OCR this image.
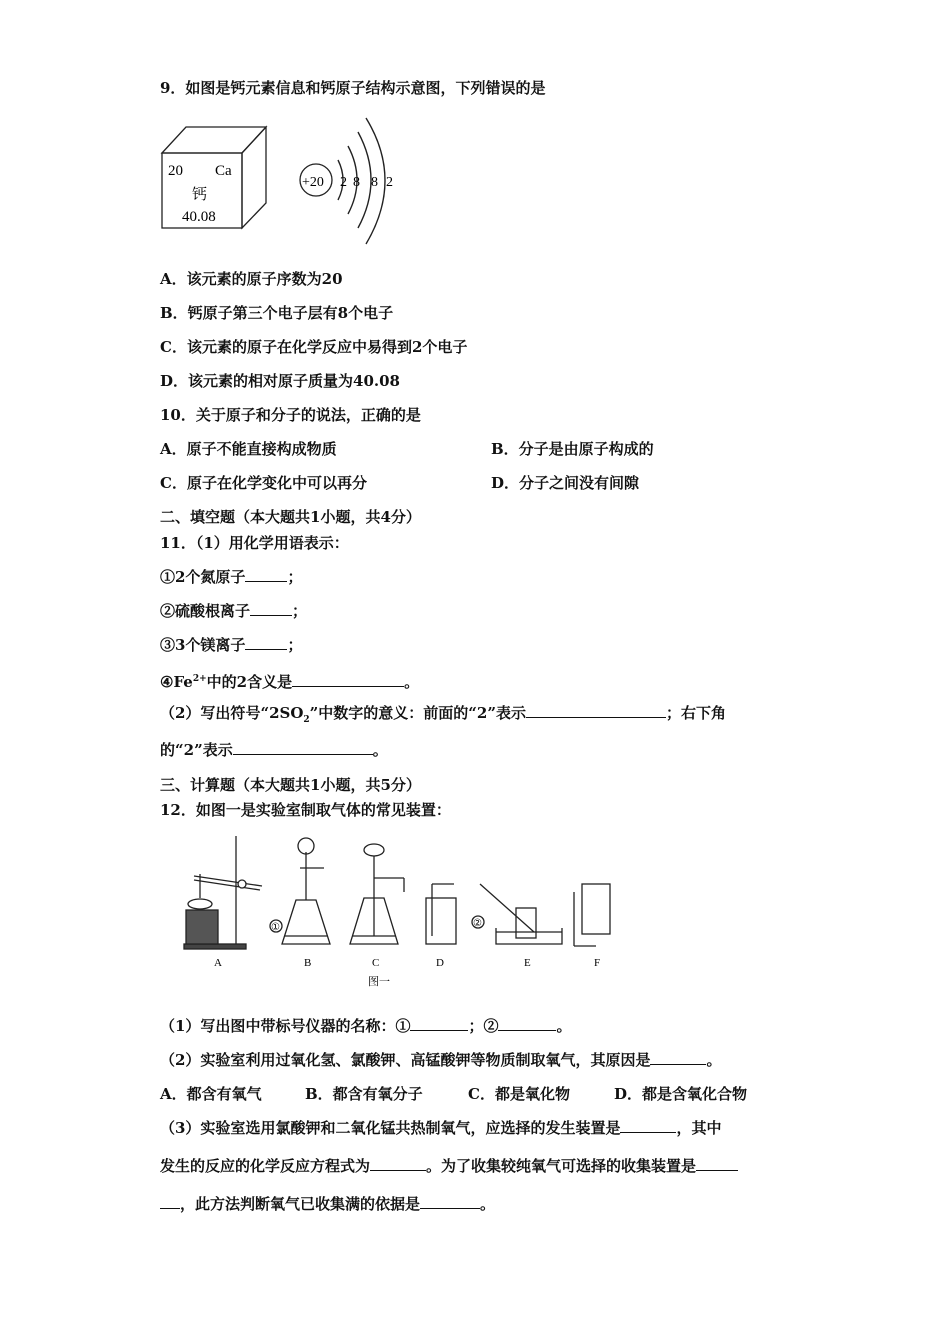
9．如图是钙元素信息和钙原子结构示意图，下列错误的是
20 Ca
钙
40.08
+20 2 8 8 2
A．该元素的原子序数为20
B．钙原子第三个电子层有8个电子
C．该元素的原子在化学反应中易得到2个电子
D．该元素的相对原子质量为40.08
10．关于原子和分子的说法，正确的是
A．原子不能直接构成物质	B．分子是由原子构成的
C．原子在化学变化中可以再分	D．分子之间没有间隙
二、填空题（本大题共1小题，共4分）
11．（1）用化学用语表示：
①2个氮原子	；
②硫酸根离子	；
③3个镁离子	；
$④Fe^{2+}$中的2含义是	。
（2）写出符号“$2SO_2$”中数字的意义：前面的“2”表示	；右下角
的“2”表示	。
三、计算题（本大题共1小题，共5分）
12．如图一是实验室制取气体的常见装置：
A	B	C	D	E	F
①	②
图一
（1）写出图中带标号仪器的名称：①	；②	。
（2）实验室利用过氧化氢、氯酸钾、高锰酸钾等物质制取氧气，其原因是	。
A．都含有氧气	B．都含有氧分子	C．都是氧化物	D．都是含氧化合物
（3）实验室选用氯酸钾和二氧化锰共热制氧气，应选择的发生装置是	，其中
发生的反应的化学反应方程式为	。为了收集较纯氧气可选择的收集装置是
，此方法判断氧气已收集满的依据是	。
